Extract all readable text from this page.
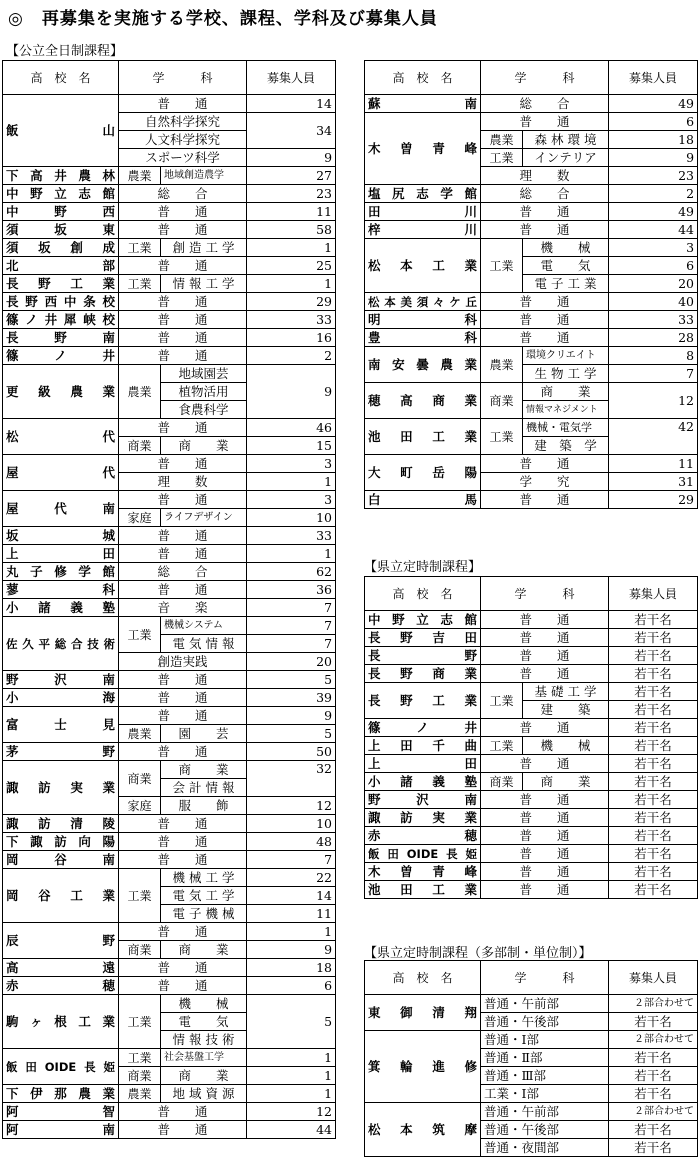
◎　再募集を実施する学校、課程、学科及び募集人員
【公立全日制課程】
【県立定時制課程】
【県立定時制課程（多部制・単位制）】
高　校　名	学　　　科		募集人員
飯　　　　　山	普　　通		14
	自然科学探究		34
	人文科学探究		
	スポーツ科学		9
下 高 井 農 林	農業	地域創造農学	27
中 野 立 志 館	総　　合		23
中　野　西	普　　通		11
須　坂　東	普　　通		58
須 坂 創 成	工業	創 造 工 学	1
北　　　　部	普　　通		25
長 野 工 業	工業	情 報 工 学	1
長野西中条校	普　　通		29
篠ノ井犀峡校	普　　通		33
長　野　南	普　　通		16
篠　ノ　井	普　　通		2
更 級 農 業	農業	地域園芸	9
		植物活用	
		食農科学	
松　　　　代	普　　通		46
	商業	商　　業	15
屋　　　　代	普　　通		3
	理　　数		1
屋　代　南	普　　通		3
	家庭	ライフデザイン	10
坂　　　　城	普　　通		33
上　　　　田	普　　通		1
丸 子 修 学 館	総　　合		62
蓼　　　　科	普　　通		36
小 諸 義 塾	音　　楽		7
佐久平総合技術	工業	機械システム	7
		電 気 情 報	7
	創造実践		20
野　沢　南	普　　通		5
小　　　　海	普　　通		39
富　士　見	普　　通		9
	農業	園　　芸	5
茅　　　　野	普　　通		50
諏 訪 実 業	商業	商　　業	32
		会 計 情 報	
	家庭	服　　飾	12
諏 訪 清 陵	普　　通		10
下 諏 訪 向 陽	普　　通		48
岡　谷　南	普　　通		7
岡 谷 工 業	工業	機 械 工 学	22
		電 気 工 学	14
		電 子 機 械	11
辰　　　　野	普　　通		1
	商業	商　　業	9
高　　　　遠	普　　通		18
赤　　　　穂	普　　通		6
駒 ヶ 根 工 業	工業	機　　械	5
		電　　気	
		情 報 技 術	
飯田OIDE長姫	工業	社会基盤工学	1
	商業	商　　業	1
下 伊 那 農 業	農業	地 域 資 源	1
阿　　　　智	普　　通		12
阿　　　　南	普　　通		44
高　校　名	学　　　科		募集人員
蘇　　　　南	総　　合		49
木 曽 青 峰	普　　通		6
	農業	森 林 環 境	18
	工業	インテリア	9
	理　　数		23
塩 尻 志 学 館	総　　合		2
田　　　　川	普　　通		49
梓　　　　川	普　　通		44
松 本 工 業	工業	機　　械	3
		電　　気	6
		電 子 工 業	20
松本美須々ケ丘	普　　通		40
明　　　　科	普　　通		33
豊　　　　科	普　　通		28
南 安 曇 農 業	農業	環境クリエイト	8
		生 物 工 学	7
穂 高 商 業	商業	商　　業	12
		情報マネジメント	
池 田 工 業	工業	機械・電気学	42
		建　築　学	
大 町 岳 陽	普　　通		11
	学　　究		31
白　　　　馬	普　　通		29
高　校　名	学　　　科		募集人員
中 野 立 志 館	普　　通		若干名
長 野 吉 田	普　　通		若干名
長　　　　野	普　　通		若干名
長 野 商 業	普　　通		若干名
長 野 工 業	工業	基 礎 工 学	若干名
		建　　築	若干名
篠　ノ　井	普　　通		若干名
上 田 千 曲	工業	機　　械	若干名
上　　　　田	普　　通		若干名
小 諸 義 塾	商業	商　　業	若干名
野　沢　南	普　　通		若干名
諏 訪 実 業	普　　通		若干名
赤　　　　穂	普　　通		若干名
飯田OIDE長姫	普　　通		若干名
木 曽 青 峰	普　　通		若干名
池 田 工 業	普　　通		若干名
高　校　名	学　　　科	募集人員
東 御 清 翔	普通・午前部	２部合わせて
	普通・午後部	若干名
箕 輪 進 修	普通・Ⅰ部	２部合わせて
	普通・Ⅱ部	若干名
	普通・Ⅲ部	若干名
	工業・Ⅰ部	若干名
松 本 筑 摩	普通・午前部	２部合わせて
	普通・午後部	若干名
	普通・夜間部	若干名
